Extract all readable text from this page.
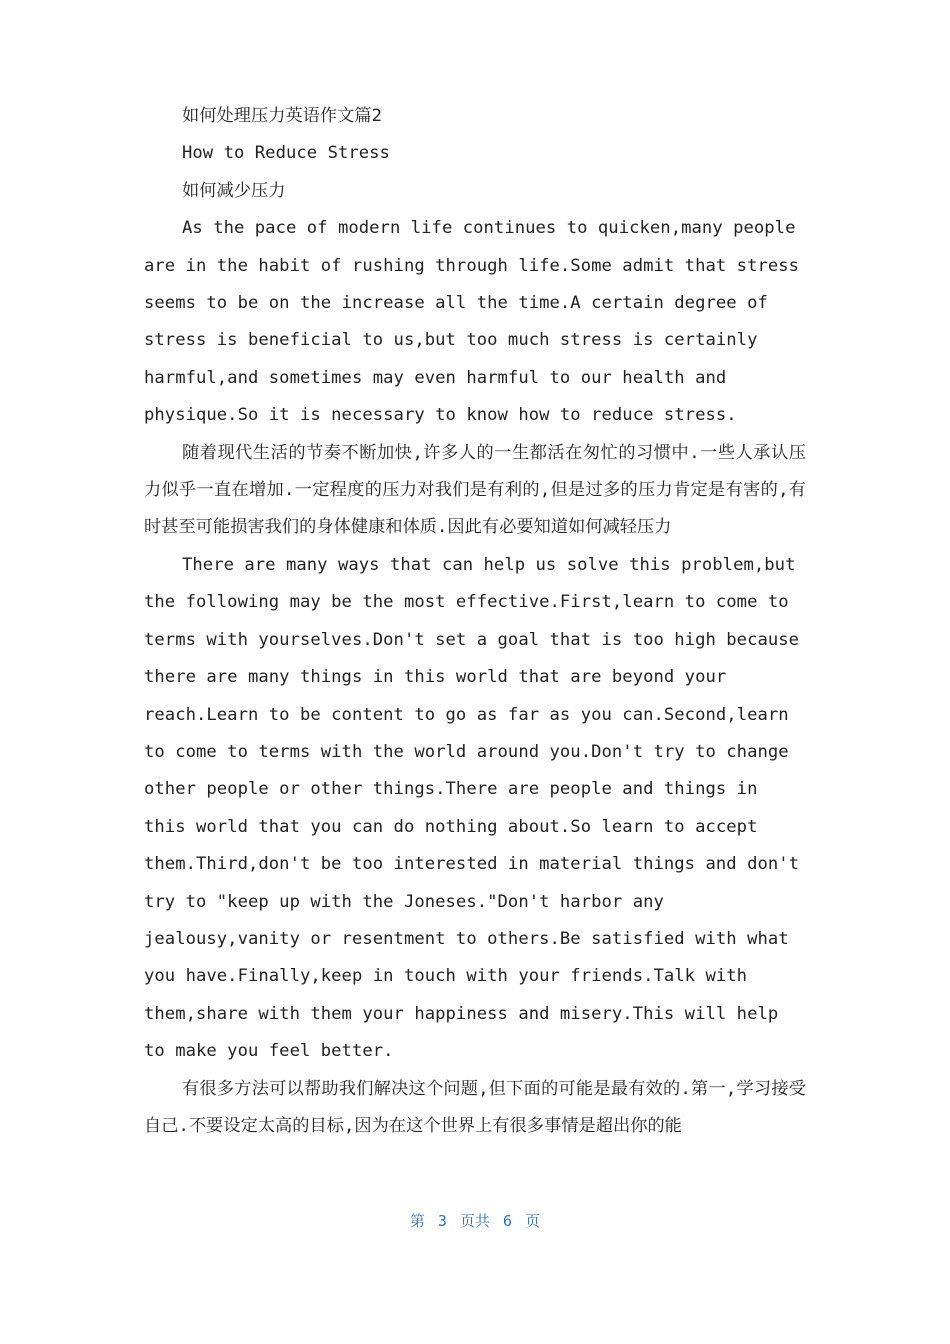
如何处理压力英语作文篇2

How to Reduce Stress

如何减少压力

As the pace of modern life continues to quicken,many people are in the habit of rushing through life.Some admit that stress seems to be on the increase all the time.A certain degree of stress is beneficial to us,but too much stress is certainly harmful,and sometimes may even harmful to our health and physique.So it is necessary to know how to reduce stress.

随着现代生活的节奏不断加快,许多人的一生都活在匆忙的习惯中.一些人承认压力似乎一直在增加.一定程度的压力对我们是有利的,但是过多的压力肯定是有害的,有时甚至可能损害我们的身体健康和体质.因此有必要知道如何减轻压力

There are many ways that can help us solve this problem,but the following may be the most effective.First,learn to come to terms with yourselves.Don't set a goal that is too high because there are many things in this world that are beyond your reach.Learn to be content to go as far as you can.Second,learn to come to terms with the world around you.Don't try to change other people or other things.There are people and things in this world that you can do nothing about.So learn to accept them.Third,don't be too interested in material things and don't try to "keep up with the Joneses."Don't harbor any jealousy,vanity or resentment to others.Be satisfied with what you have.Finally,keep in touch with your friends.Talk with them,share with them your happiness and misery.This will help to make you feel better.

有很多方法可以帮助我们解决这个问题,但下面的可能是最有效的.第一,学习接受自己.不要设定太高的目标,因为在这个世界上有很多事情是超出你的能

第 3 页共 6 页
